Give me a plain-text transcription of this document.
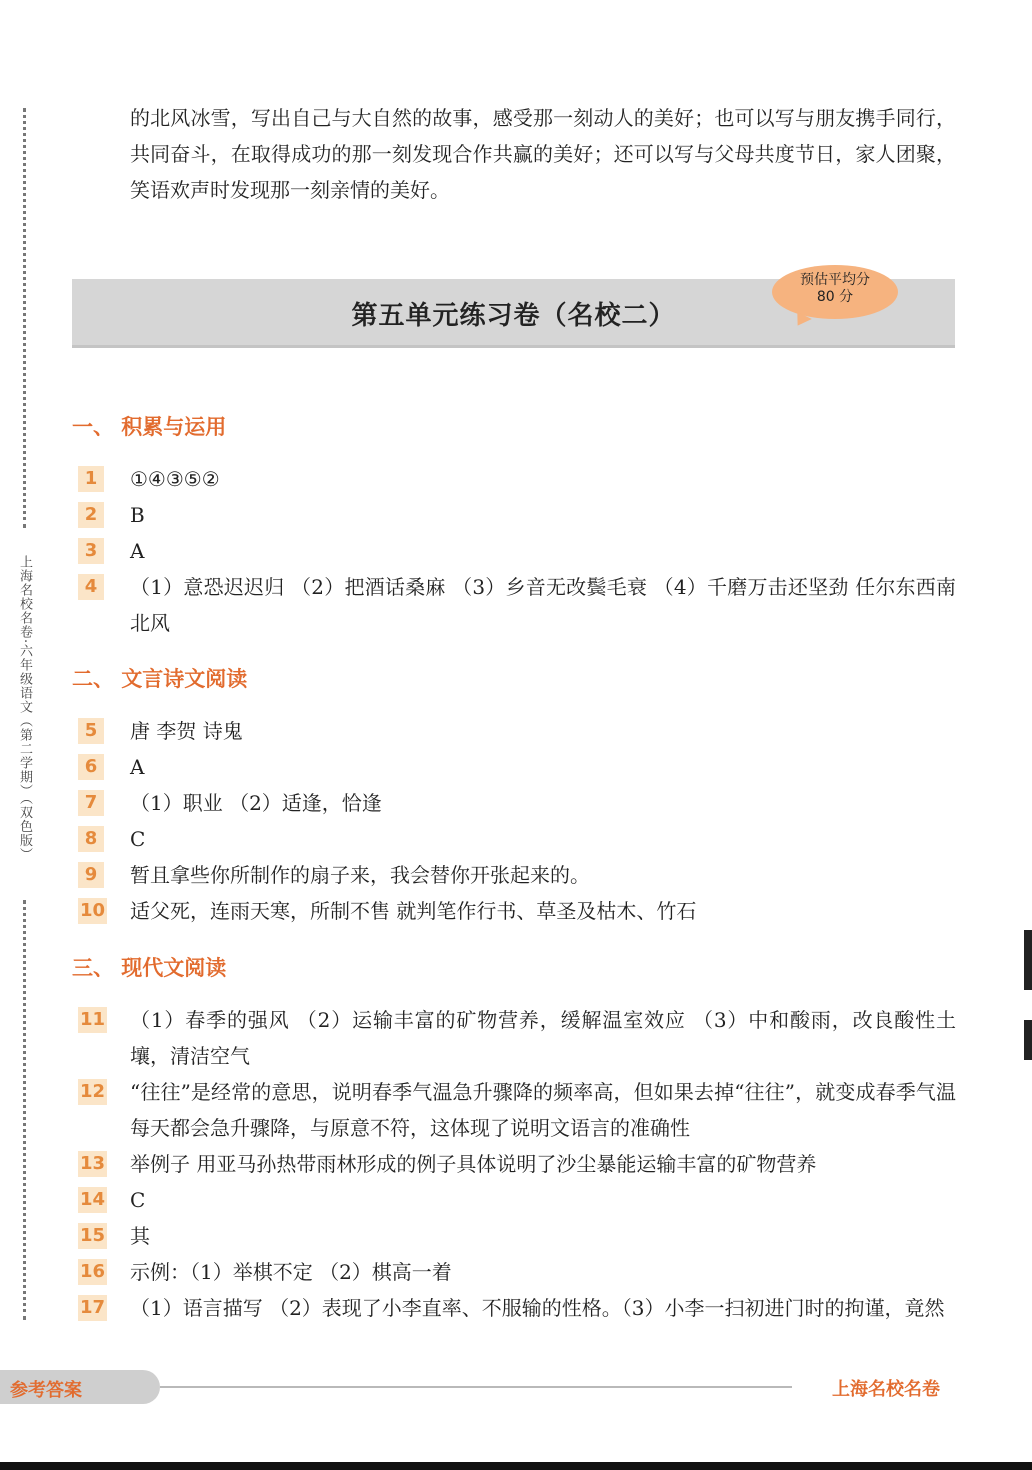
上海名校名卷·六年级语文（第二学期）（双色版）

的北风冰雪，写出自己与大自然的故事，感受那一刻动人的美好；也可以写与朋友携手同行，共同奋斗，在取得成功的那一刻发现合作共赢的美好；还可以写与父母共度节日，家人团聚，笑语欢声时发现那一刻亲情的美好。

第五单元练习卷（名校二）
预估平均分
80 分
一、 积累与运用
1	①④③⑤②
2	B
3	A
4	（1）意恐迟迟归 （2）把酒话桑麻 （3）乡音无改鬓毛衰 （4）千磨万击还坚劲 任尔东西南北风
二、 文言诗文阅读
5	唐 李贺 诗鬼
6	A
7	（1）职业 （2）适逢，恰逢
8	C
9	暂且拿些你所制作的扇子来，我会替你开张起来的。
10	适父死，连雨天寒，所制不售 就判笔作行书、草圣及枯木、竹石
三、 现代文阅读
11	（1）春季的强风 （2）运输丰富的矿物营养，缓解温室效应 （3）中和酸雨，改良酸性土壤，清洁空气
12	“往往”是经常的意思，说明春季气温急升骤降的频率高，但如果去掉“往往”，就变成春季气温每天都会急升骤降，与原意不符，这体现了说明文语言的准确性
13	举例子 用亚马孙热带雨林形成的例子具体说明了沙尘暴能运输丰富的矿物营养
14	C
15	其
16	示例：（1）举棋不定 （2）棋高一着
17	（1）语言描写 （2）表现了小李直率、不服输的性格。（3）小李一扫初进门时的拘谨，竟然
参考答案	上海名校名卷
